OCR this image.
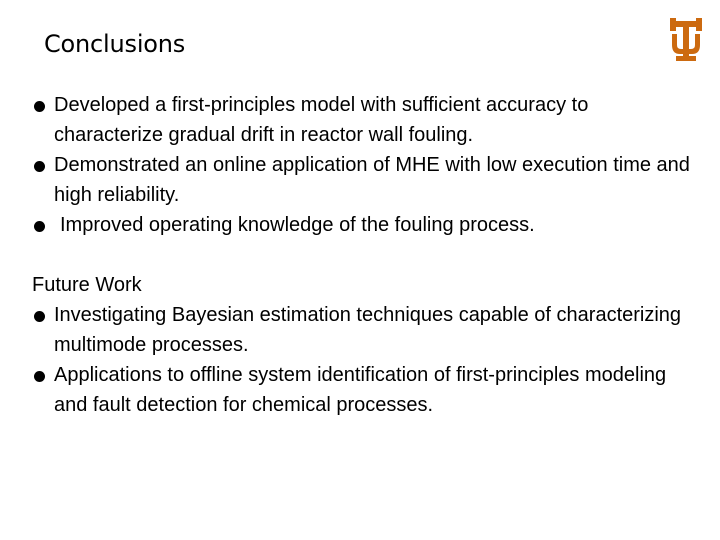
Conclusions
Developed a first-principles model with sufficient accuracy to characterize gradual drift in reactor wall fouling.
Demonstrated an online application of MHE with low execution time and high reliability.
Improved operating knowledge of the fouling process.
Future Work
Investigating Bayesian estimation techniques capable of characterizing multimode processes.
Applications to offline system identification of first-principles modeling and fault detection for chemical processes.
